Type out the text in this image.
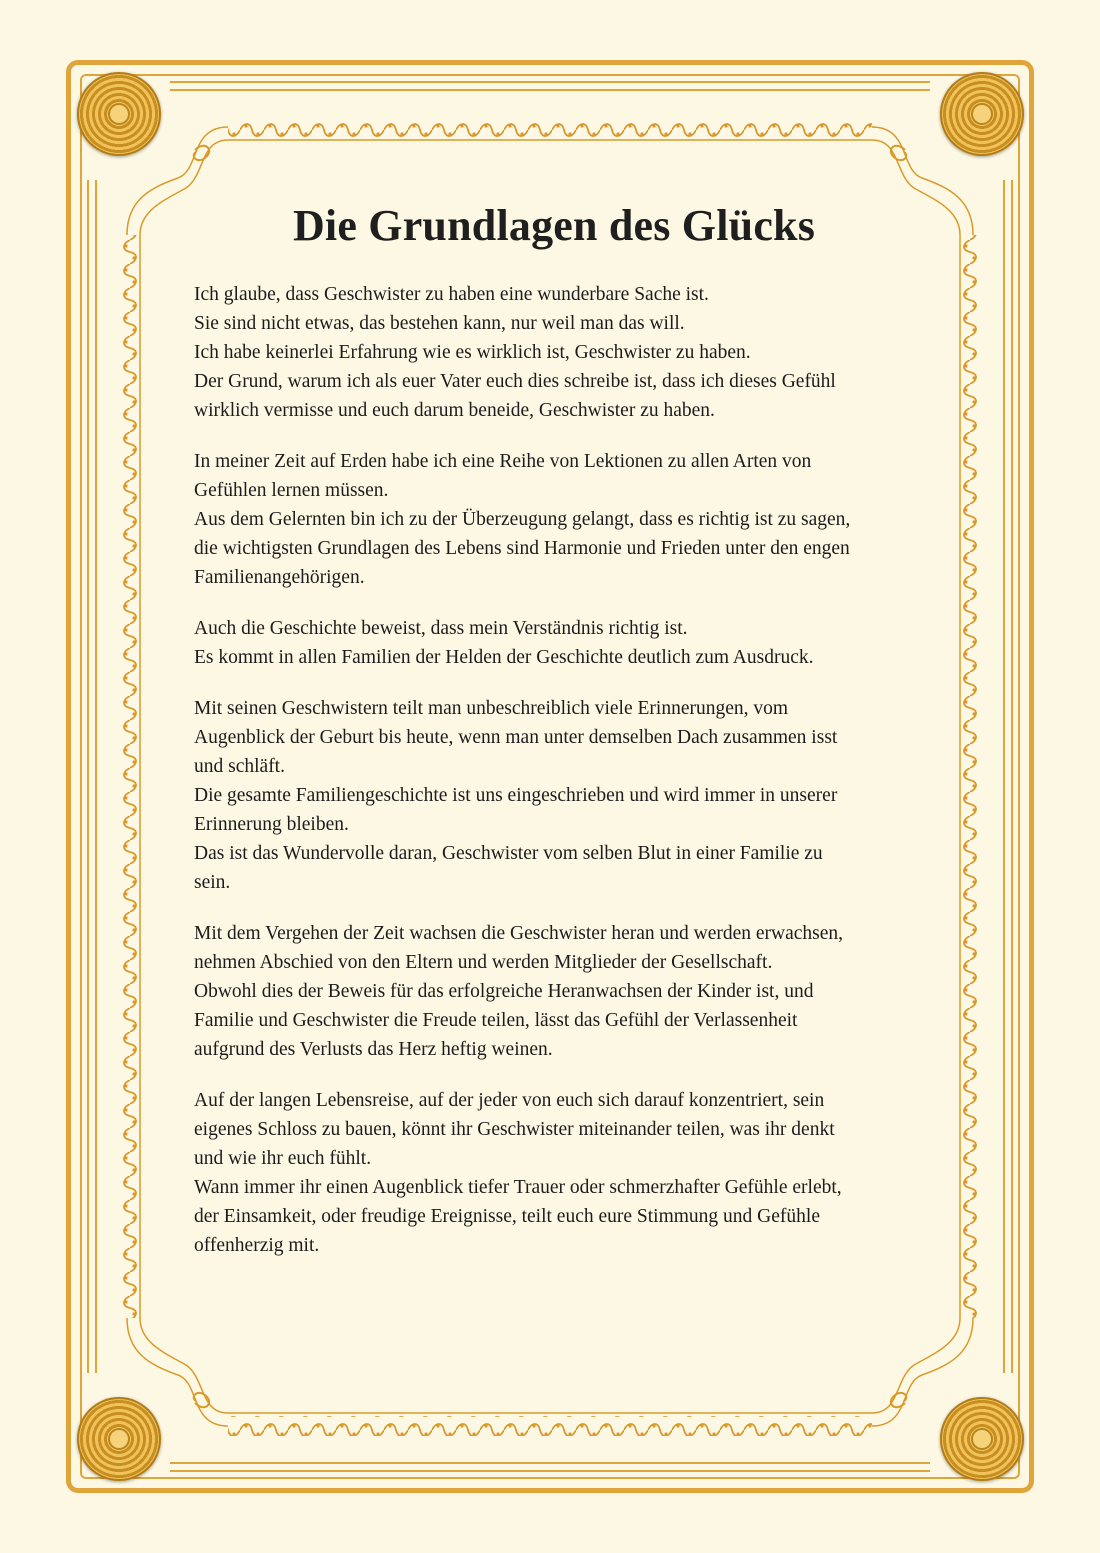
Die Grundlagen des Glücks

Ich glaube, dass Geschwister zu haben eine wunderbare Sache ist.
Sie sind nicht etwas, das bestehen kann, nur weil man das will.
Ich habe keinerlei Erfahrung wie es wirklich ist, Geschwister zu haben.
Der Grund, warum ich als euer Vater euch dies schreibe ist, dass ich dieses Gefühl
wirklich vermisse und euch darum beneide, Geschwister zu haben.

In meiner Zeit auf Erden habe ich eine Reihe von Lektionen zu allen Arten von
Gefühlen lernen müssen.
Aus dem Gelernten bin ich zu der Überzeugung gelangt, dass es richtig ist zu sagen,
die wichtigsten Grundlagen des Lebens sind Harmonie und Frieden unter den engen
Familienangehörigen.

Auch die Geschichte beweist, dass mein Verständnis richtig ist.
Es kommt in allen Familien der Helden der Geschichte deutlich zum Ausdruck.

Mit seinen Geschwistern teilt man unbeschreiblich viele Erinnerungen, vom
Augenblick der Geburt bis heute, wenn man unter demselben Dach zusammen isst
und schläft.
Die gesamte Familiengeschichte ist uns eingeschrieben und wird immer in unserer
Erinnerung bleiben.
Das ist das Wundervolle daran, Geschwister vom selben Blut in einer Familie zu
sein.

Mit dem Vergehen der Zeit wachsen die Geschwister heran und werden erwachsen,
nehmen Abschied von den Eltern und werden Mitglieder der Gesellschaft.
Obwohl dies der Beweis für das erfolgreiche Heranwachsen der Kinder ist, und
Familie und Geschwister die Freude teilen, lässt das Gefühl der Verlassenheit
aufgrund des Verlusts das Herz heftig weinen.

Auf der langen Lebensreise, auf der jeder von euch sich darauf konzentriert, sein
eigenes Schloss zu bauen, könnt ihr Geschwister miteinander teilen, was ihr denkt
und wie ihr euch fühlt.
Wann immer ihr einen Augenblick tiefer Trauer oder schmerzhafter Gefühle erlebt,
der Einsamkeit, oder freudige Ereignisse, teilt euch eure Stimmung und Gefühle
offenherzig mit.
